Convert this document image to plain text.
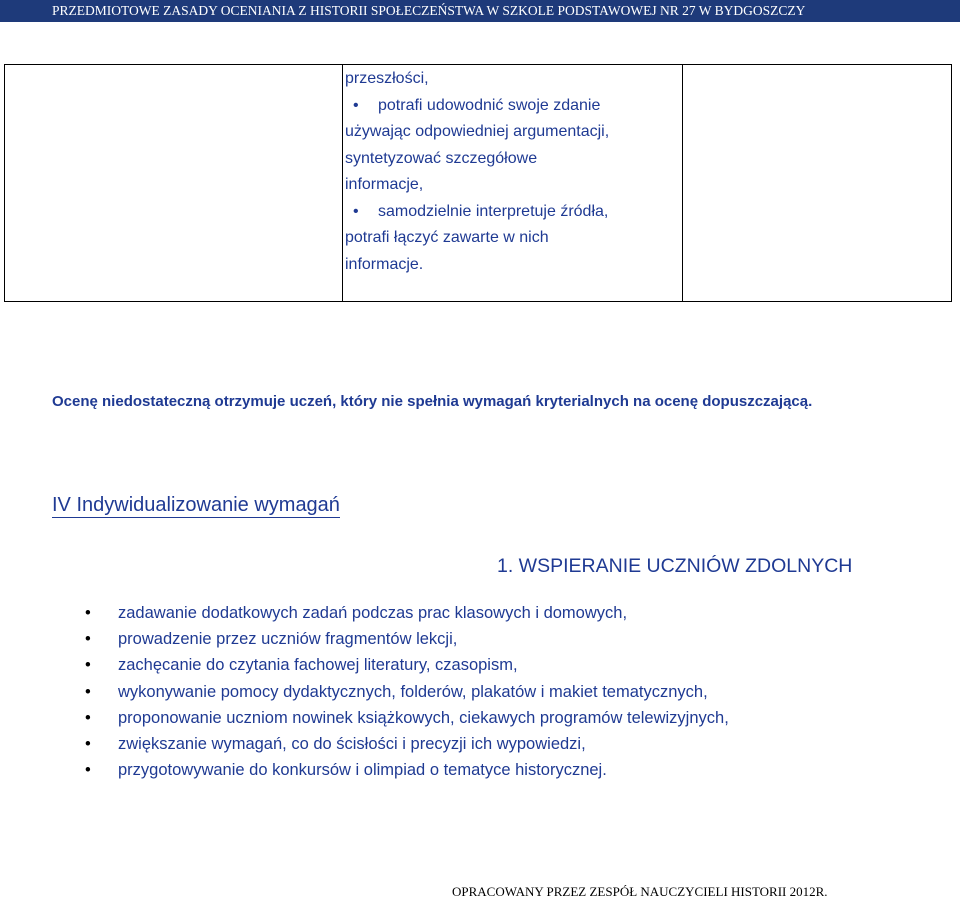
PRZEDMIOTOWE ZASADY OCENIANIA Z HISTORII SPOŁECZEŃSTWA W SZKOLE PODSTAWOWEJ NR 27 W BYDGOSZCZY
przeszłości,
• potrafi udowodnić swoje zdanie
używając odpowiedniej argumentacji,
syntetyzować szczegółowe
informacje,
• samodzielnie interpretuje źródła,
potrafi łączyć zawarte w nich
informacje.
Ocenę niedostateczną otrzymuje uczeń, który nie spełnia wymagań kryterialnych na ocenę dopuszczającą.
IV Indywidualizowanie wymagań
1. WSPIERANIE UCZNIÓW ZDOLNYCH
• zadawanie dodatkowych zadań podczas prac klasowych i domowych,
• prowadzenie przez uczniów fragmentów lekcji,
• zachęcanie do czytania fachowej literatury, czasopism,
• wykonywanie pomocy dydaktycznych, folderów, plakatów i makiet tematycznych,
• proponowanie uczniom nowinek książkowych, ciekawych programów telewizyjnych,
• zwiększanie wymagań, co do ścisłości i precyzji ich wypowiedzi,
• przygotowywanie do konkursów i olimpiad o tematyce historycznej.
OPRACOWANY PRZEZ ZESPÓŁ NAUCZYCIELI HISTORII 2012R.
